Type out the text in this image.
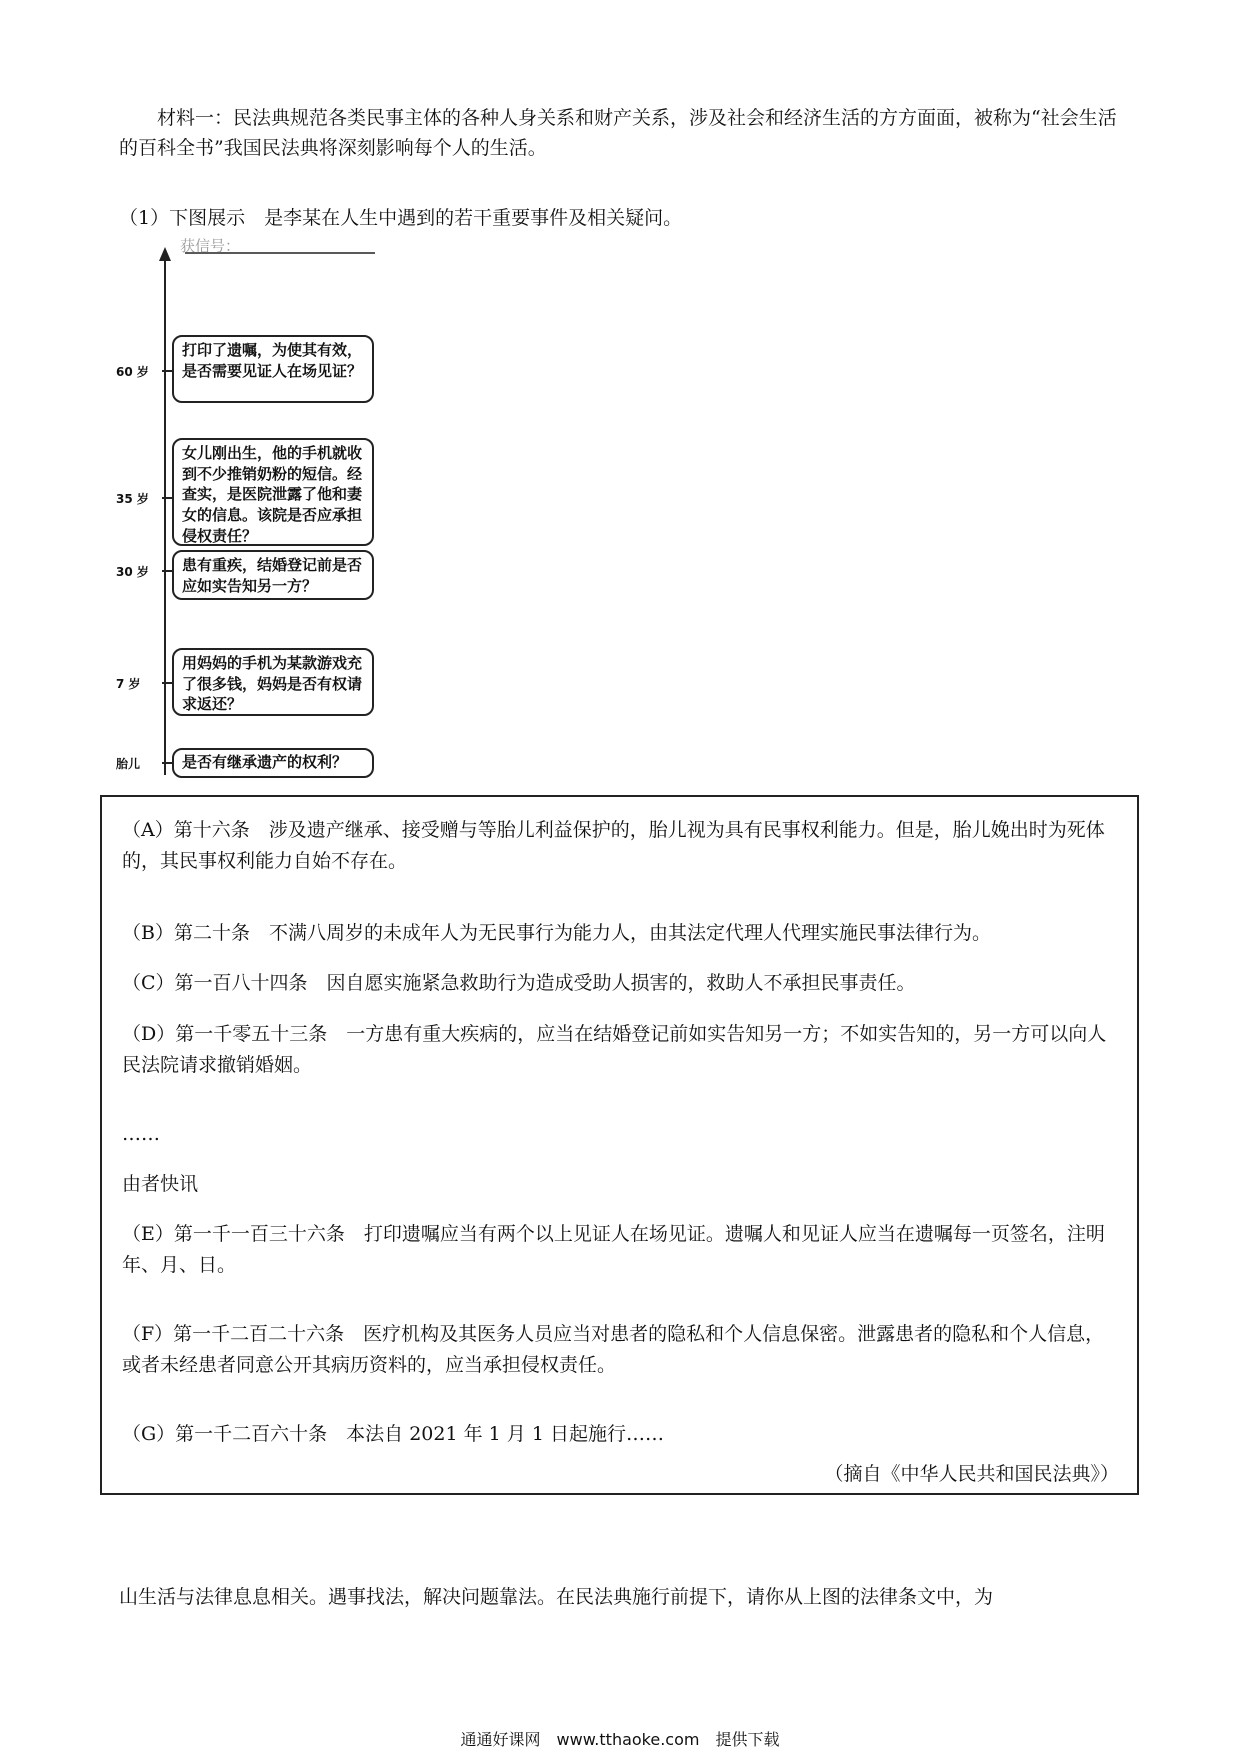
材料一：民法典规范各类民事主体的各种人身关系和财产关系，涉及社会和经济生活的方方面面，被称为“社会生活的百科全书”我国民法典将深刻影响每个人的生活。

（1）下图展示　是李某在人生中遇到的若干重要事件及相关疑问。
获信号：
60 岁
打印了遗嘱，为使其有效，是否需要见证人在场见证？
35 岁
女儿刚出生，他的手机就收到不少推销奶粉的短信。经查实，是医院泄露了他和妻女的信息。该院是否应承担侵权责任？
30 岁	患有重疾，结婚登记前是否应如实告知另一方？
7 岁
用妈妈的手机为某款游戏充了很多钱，妈妈是否有权请求返还？
胎儿	是否有继承遗产的权利？

（A）第十六条　涉及遗产继承、接受赠与等胎儿利益保护的，胎儿视为具有民事权利能力。但是，胎儿娩出时为死体的，其民事权利能力自始不存在。

（B）第二十条　不满八周岁的未成年人为无民事行为能力人，由其法定代理人代理实施民事法律行为。

（C）第一百八十四条　因自愿实施紧急救助行为造成受助人损害的，救助人不承担民事责任。

（D）第一千零五十三条　一方患有重大疾病的，应当在结婚登记前如实告知另一方；不如实告知的，另一方可以向人民法院请求撤销婚姻。

……

由者快讯

（E）第一千一百三十六条　打印遗嘱应当有两个以上见证人在场见证。遗嘱人和见证人应当在遗嘱每一页签名，注明年、月、日。

（F）第一千二百二十六条　医疗机构及其医务人员应当对患者的隐私和个人信息保密。泄露患者的隐私和个人信息，或者未经患者同意公开其病历资料的，应当承担侵权责任。

（G）第一千二百六十条　本法自 2021 年 1 月 1 日起施行……

（摘自《中华人民共和国民法典》）
山生活与法律息息相关。遇事找法，解决问题靠法。在民法典施行前提下，请你从上图的法律条文中，为
通通好课网　www.tthaoke.com　提供下载
